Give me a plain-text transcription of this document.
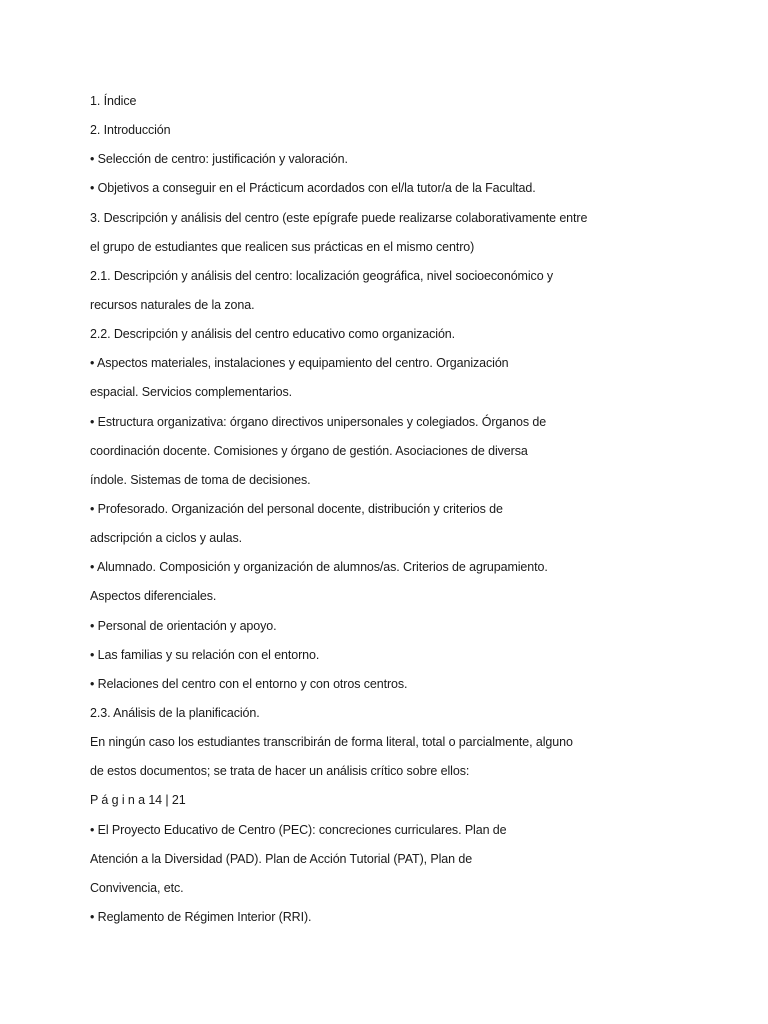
1. Índice
2. Introducción
• Selección de centro: justificación y valoración.
• Objetivos a conseguir en el Prácticum acordados con el/la tutor/a de la Facultad.
3. Descripción y análisis del centro (este epígrafe puede realizarse colaborativamente entre
el grupo de estudiantes que realicen sus prácticas en el mismo centro)
2.1. Descripción y análisis del centro: localización geográfica, nivel socioeconómico y
recursos naturales de la zona.
2.2. Descripción y análisis del centro educativo como organización.
• Aspectos materiales, instalaciones y equipamiento del centro. Organización
espacial. Servicios complementarios.
• Estructura organizativa: órgano directivos unipersonales y colegiados. Órganos de
coordinación docente. Comisiones y órgano de gestión. Asociaciones de diversa
índole. Sistemas de toma de decisiones.
• Profesorado. Organización del personal docente, distribución y criterios de
adscripción a ciclos y aulas.
• Alumnado. Composición y organización de alumnos/as. Criterios de agrupamiento.
Aspectos diferenciales.
• Personal de orientación y apoyo.
• Las familias y su relación con el entorno.
• Relaciones del centro con el entorno y con otros centros.
2.3. Análisis de la planificación.
En ningún caso los estudiantes transcribirán de forma literal, total o parcialmente, alguno
de estos documentos; se trata de hacer un análisis crítico sobre ellos:
P á g i n a 14 | 21
• El Proyecto Educativo de Centro (PEC): concreciones curriculares. Plan de
Atención a la Diversidad (PAD). Plan de Acción Tutorial (PAT), Plan de
Convivencia, etc.
• Reglamento de Régimen Interior (RRI).
